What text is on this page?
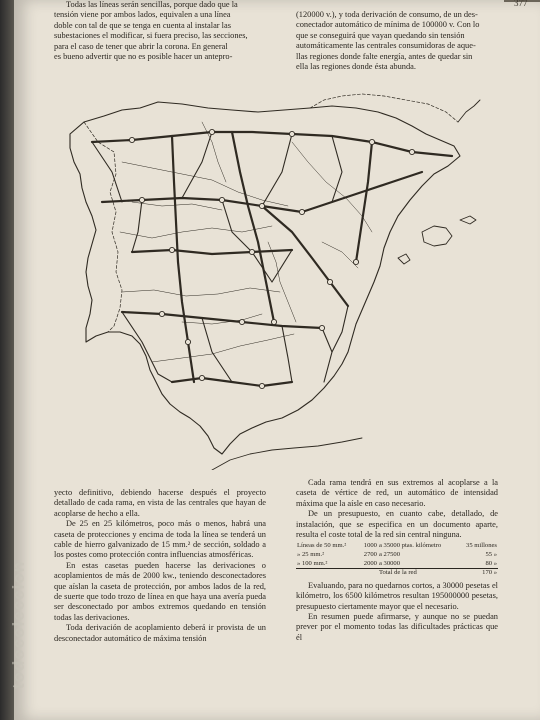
377

Todas las líneas serán sencillas, porque dado que la

tensión viene por ambos lados, equivalen a una línea

doble con tal de que se tenga en cuenta al instalar las

subestaciones el modificar, si fuera preciso, las secciones,

para el caso de tener que abrir la corona. En general

es bueno advertir que no es posible hacer un antepro-

(120000 v.), y toda derivación de consumo, de un des-

conectador automático de mínima de 100000 v. Con lo

que se conseguirá que vayan quedando sin tensión

automáticamente las centrales consumidoras de aque-

llas regiones donde falte energía, antes de quedar sin

ella las regiones donde ésta abunda.

yecto definitivo, debiendo hacerse después el proyecto detallado de cada rama, en vista de las centrales que hayan de acoplarse de hecho a ella.

De 25 en 25 kilómetros, poco más o menos, habrá una caseta de protecciones y encima de toda la línea se tenderá un cable de hierro galvanizado de 15 mm.² de sección, soldado a los postes como protección contra influencias atmosféricas.

En estas casetas pueden hacerse las derivaciones o acoplamientos de más de 2000 kw., teniendo desconectadores que aíslan la caseta de protección, por ambos lados de la red, de suerte que todo trozo de línea en que haya una avería pueda ser desconectado por ambos extremos quedando en tensión todas las derivaciones.

Toda derivación de acoplamiento deberá ir provista de un desconectador automático de máxima tensión

Cada rama tendrá en sus extremos al acoplarse a la caseta de vértice de red, un automático de intensidad máxima que la aísle en caso necesario.

De un presupuesto, en cuanto cabe, detallado, de instalación, que se especifica en un documento aparte, resulta el coste total de la red sin central ninguna.

Líneas de 50 mm.²	1000	a 35000 ptas. kilómetro	35 millones
» 25 mm.²	2700	a 27500	55 »
» 100 mm.²	2000	a 30000	80 »
		Total de la red	170 »

Evaluando, para no quedarnos cortos, a 30000 pesetas el kilómetro, los 6500 kilómetros resultan 195000000 pesetas, presupuesto ciertamente mayor que el necesario.

En resumen puede afirmarse, y aunque no se puedan prever por el momento todas las dificultades prácticas que él

todocoleccion
